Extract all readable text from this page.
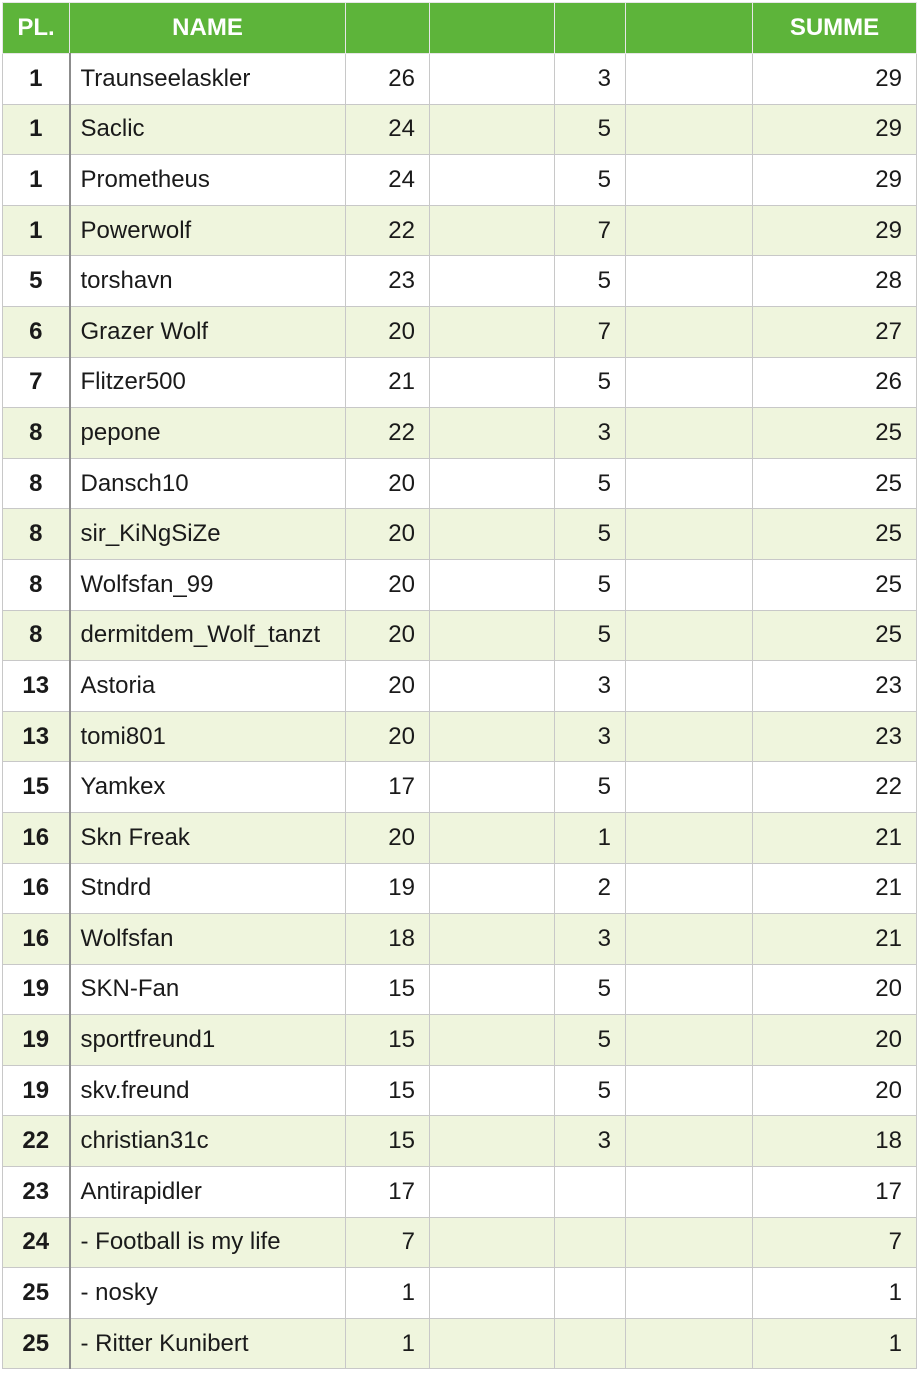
PL.	NAME					SUMME
1	Traunseelaskler	26		3		29
1	Saclic	24		5		29
1	Prometheus	24		5		29
1	Powerwolf	22		7		29
5	torshavn	23		5		28
6	Grazer Wolf	20		7		27
7	Flitzer500	21		5		26
8	pepone	22		3		25
8	Dansch10	20		5		25
8	sir_KiNgSiZe	20		5		25
8	Wolfsfan_99	20		5		25
8	dermitdem_Wolf_tanzt	20		5		25
13	Astoria	20		3		23
13	tomi801	20		3		23
15	Yamkex	17		5		22
16	Skn Freak	20		1		21
16	Stndrd	19		2		21
16	Wolfsfan	18		3		21
19	SKN-Fan	15		5		20
19	sportfreund1	15		5		20
19	skv.freund	15		5		20
22	christian31c	15		3		18
23	Antirapidler	17				17
24	- Football is my life	7				7
25	- nosky	1				1
25	- Ritter Kunibert	1				1
